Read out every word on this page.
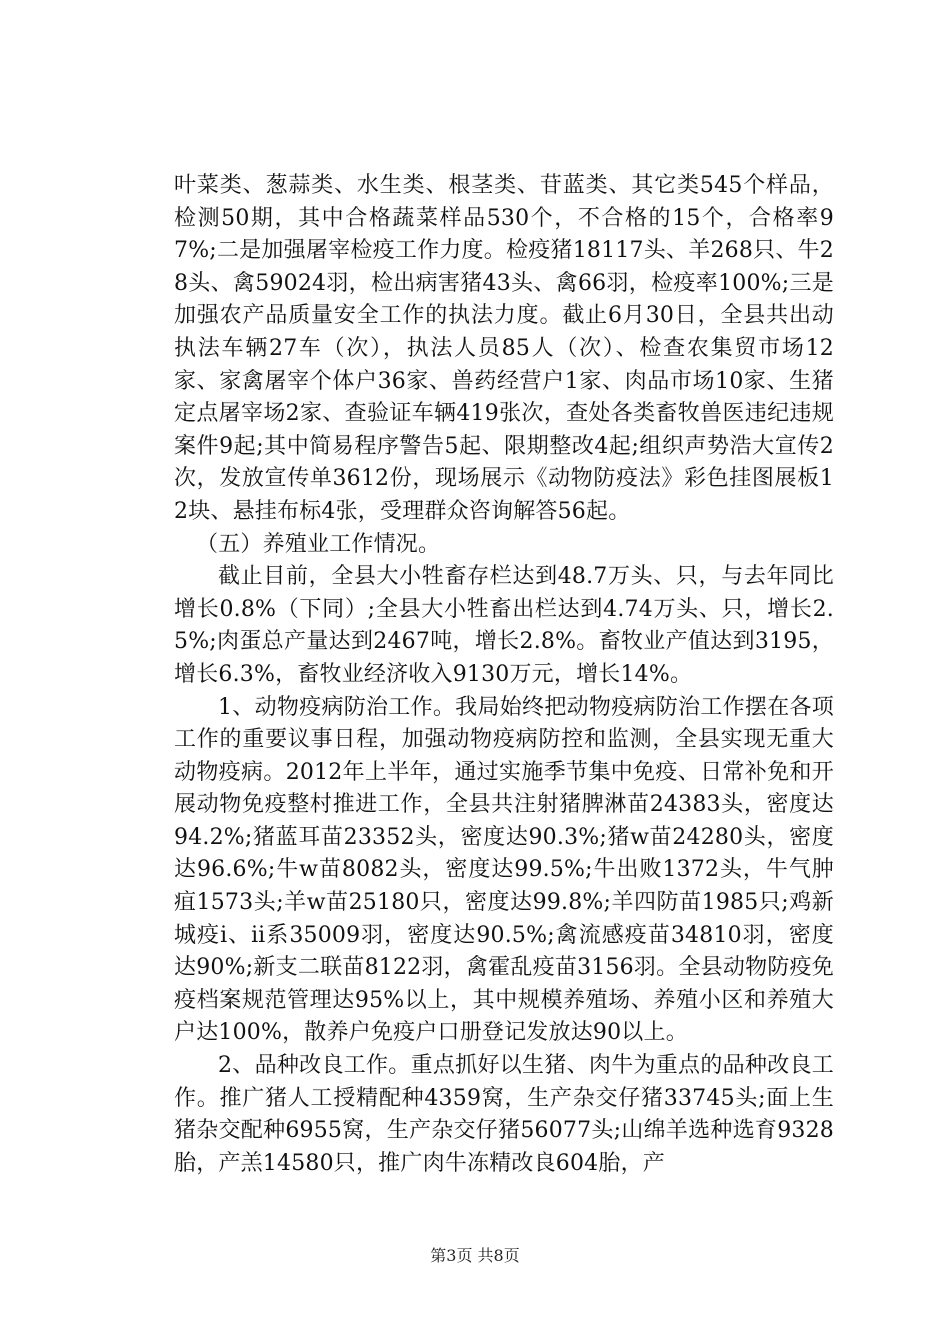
叶菜类、葱蒜类、水生类、根茎类、苷蓝类、其它类545个样品，检测50期，其中合格蔬菜样品530个，不合格的15个，合格率97%;二是加强屠宰检疫工作力度。检疫猪18117头、羊268只、牛28头、禽59024羽，检出病害猪43头、禽66羽，检疫率100%;三是加强农产品质量安全工作的执法力度。截止6月30日，全县共出动执法车辆27车（次），执法人员85人（次）、检查农集贸市场12家、家禽屠宰个体户36家、兽药经营户1家、肉品市场10家、生猪定点屠宰场2家、查验证车辆419张次，查处各类畜牧兽医违纪违规案件9起;其中简易程序警告5起、限期整改4起;组织声势浩大宣传2次，发放宣传单3612份，现场展示《动物防疫法》彩色挂图展板12块、悬挂布标4张，受理群众咨询解答56起。

（五）养殖业工作情况。

截止目前，全县大小牲畜存栏达到48.7万头、只，与去年同比增长0.8%（下同）;全县大小牲畜出栏达到4.74万头、只，增长2.5%;肉蛋总产量达到2467吨，增长2.8%。畜牧业产值达到3195，增长6.3%，畜牧业经济收入9130万元，增长14%。

1、动物疫病防治工作。我局始终把动物疫病防治工作摆在各项工作的重要议事日程，加强动物疫病防控和监测，全县实现无重大动物疫病。2012年上半年，通过实施季节集中免疫、日常补免和开展动物免疫整村推进工作，全县共注射猪脾淋苗24383头，密度达94.2%;猪蓝耳苗23352头，密度达90.3%;猪w苗24280头，密度达96.6%;牛w苗8082头，密度达99.5%;牛出败1372头，牛气肿疽1573头;羊w苗25180只，密度达99.8%;羊四防苗1985只;鸡新城疫ⅰ、ⅱ系35009羽，密度达90.5%;禽流感疫苗34810羽，密度达90%;新支二联苗8122羽，禽霍乱疫苗3156羽。全县动物防疫免疫档案规范管理达95%以上，其中规模养殖场、养殖小区和养殖大户达100%，散养户免疫户口册登记发放达90以上。

2、品种改良工作。重点抓好以生猪、肉牛为重点的品种改良工作。推广猪人工授精配种4359窝，生产杂交仔猪33745头;面上生猪杂交配种6955窝，生产杂交仔猪56077头;山绵羊选种选育9328胎，产羔14580只，推广肉牛冻精改良604胎，产

第3页 共8页
